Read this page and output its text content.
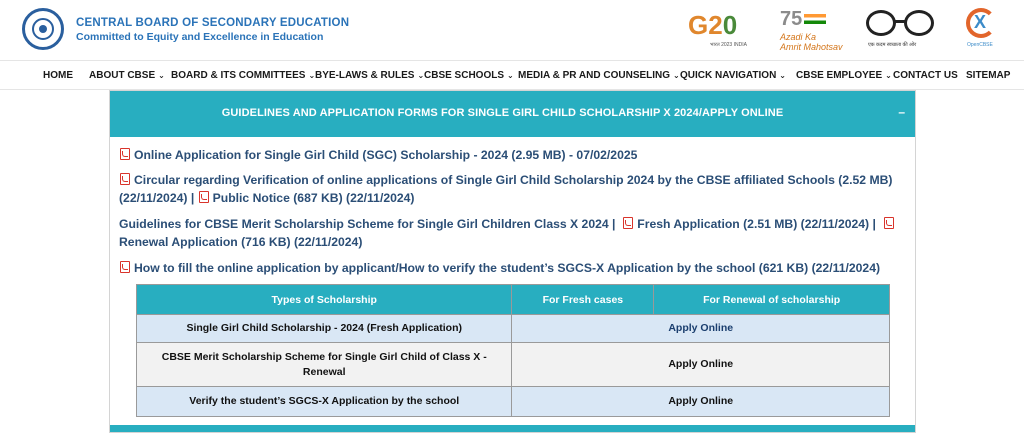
CENTRAL BOARD OF SECONDARY EDUCATION
Committed to Equity and Excellence in Education	G20
भारत 2023 INDIA
75
Azadi Ka
Amrit Mahotsav	एक कदम स्वच्छता की ओर
X
OpenCBSE
HOME ABOUT CBSE ⌄ BOARD & ITS COMMITTEES ⌄ BYE-LAWS & RULES ⌄ CBSE SCHOOLS ⌄ MEDIA & PR AND COUNSELING ⌄ QUICK NAVIGATION ⌄ CBSE EMPLOYEE ⌄ CONTACT US SITEMAP
GUIDELINES AND APPLICATION FORMS FOR SINGLE GIRL CHILD SCHOLARSHIP X 2024/APPLY ONLINE	–
Online Application for Single Girl Child (SGC) Scholarship - 2024 (2.95 MB) - 07/02/2025
Circular regarding Verification of online applications of Single Girl Child Scholarship 2024 by the CBSE affiliated Schools (2.52 MB)
(22/11/2024) | Public Notice (687 KB) (22/11/2024)
Guidelines for CBSE Merit Scholarship Scheme for Single Girl Children Class X 2024 | Fresh Application (2.51 MB) (22/11/2024) |
Renewal Application (716 KB) (22/11/2024)
How to fill the online application by applicant/How to verify the student’s SGCS-X Application by the school (621 KB) (22/11/2024)
Types of Scholarship	For Fresh cases	For Renewal of scholarship
Single Girl Child Scholarship - 2024 (Fresh Application)	Apply Online	
CBSE Merit Scholarship Scheme for Single Girl Child of Class X -
Renewal	Apply Online	
Verify the student’s SGCS-X Application by the school	Apply Online	
